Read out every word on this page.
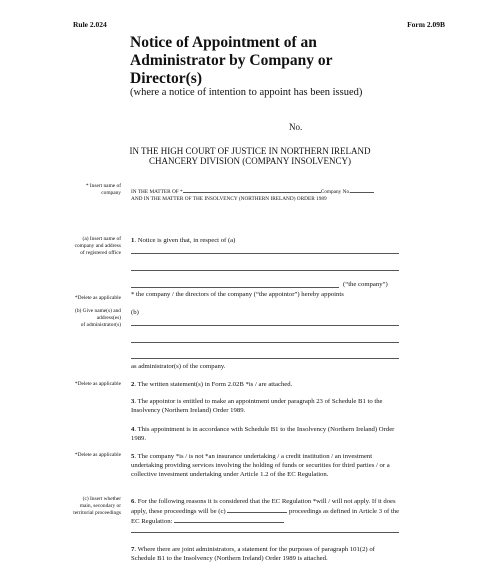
Rule 2.024	Form 2.09B
Notice of Appointment of an
Administrator by Company or
Director(s)
(where a notice of intention to appoint has been issued)
No.
IN THE HIGH COURT OF JUSTICE IN NORTHERN IRELAND
CHANCERY DIVISION (COMPANY INSOLVENCY)
* Insert name of
company IN THE MATTER OF *	Company No.
AND IN THE MATTER OF THE INSOLVENCY (NORTHERN IRELAND) ORDER 1989
(a) Insert name of
company and address
of registered office
1. Notice is given that, in respect of (a)
(“the company”)
*Delete as applicable * the company / the directors of the company (“the appointor”) hereby appoints
(b) Give name(s) and
address(es)
of administrator(s)
(b)
as administrator(s) of the company.
*Delete as applicable 2. The written statement(s) in Form 2.02B *is / are attached.
3. The appointor is entitled to make an appointment under paragraph 23 of Schedule B1 to the Insolvency (Northern Ireland) Order 1989.
4. This appointment is in accordance with Schedule B1 to the Insolvency (Northern Ireland) Order 1989.
*Delete as applicable 5. The company *is / is not *an insurance undertaking / a credit institution / an investment undertaking providing services involving the holding of funds or securities for third parties / or a collective investment undertaking under Article 1.2 of the EC Regulation.
(c) Insert whether
main, secondary or
territorial proceedings
6. For the following reasons it is considered that the EC Regulation *will / will not apply. If it does apply, these proceedings will be (c)	proceedings as defined in Article 3 of the EC Regulation:
7. Where there are joint administrators, a statement for the purposes of paragraph 101(2) of Schedule B1 to the Insolvency (Northern Ireland) Order 1989 is attached.
